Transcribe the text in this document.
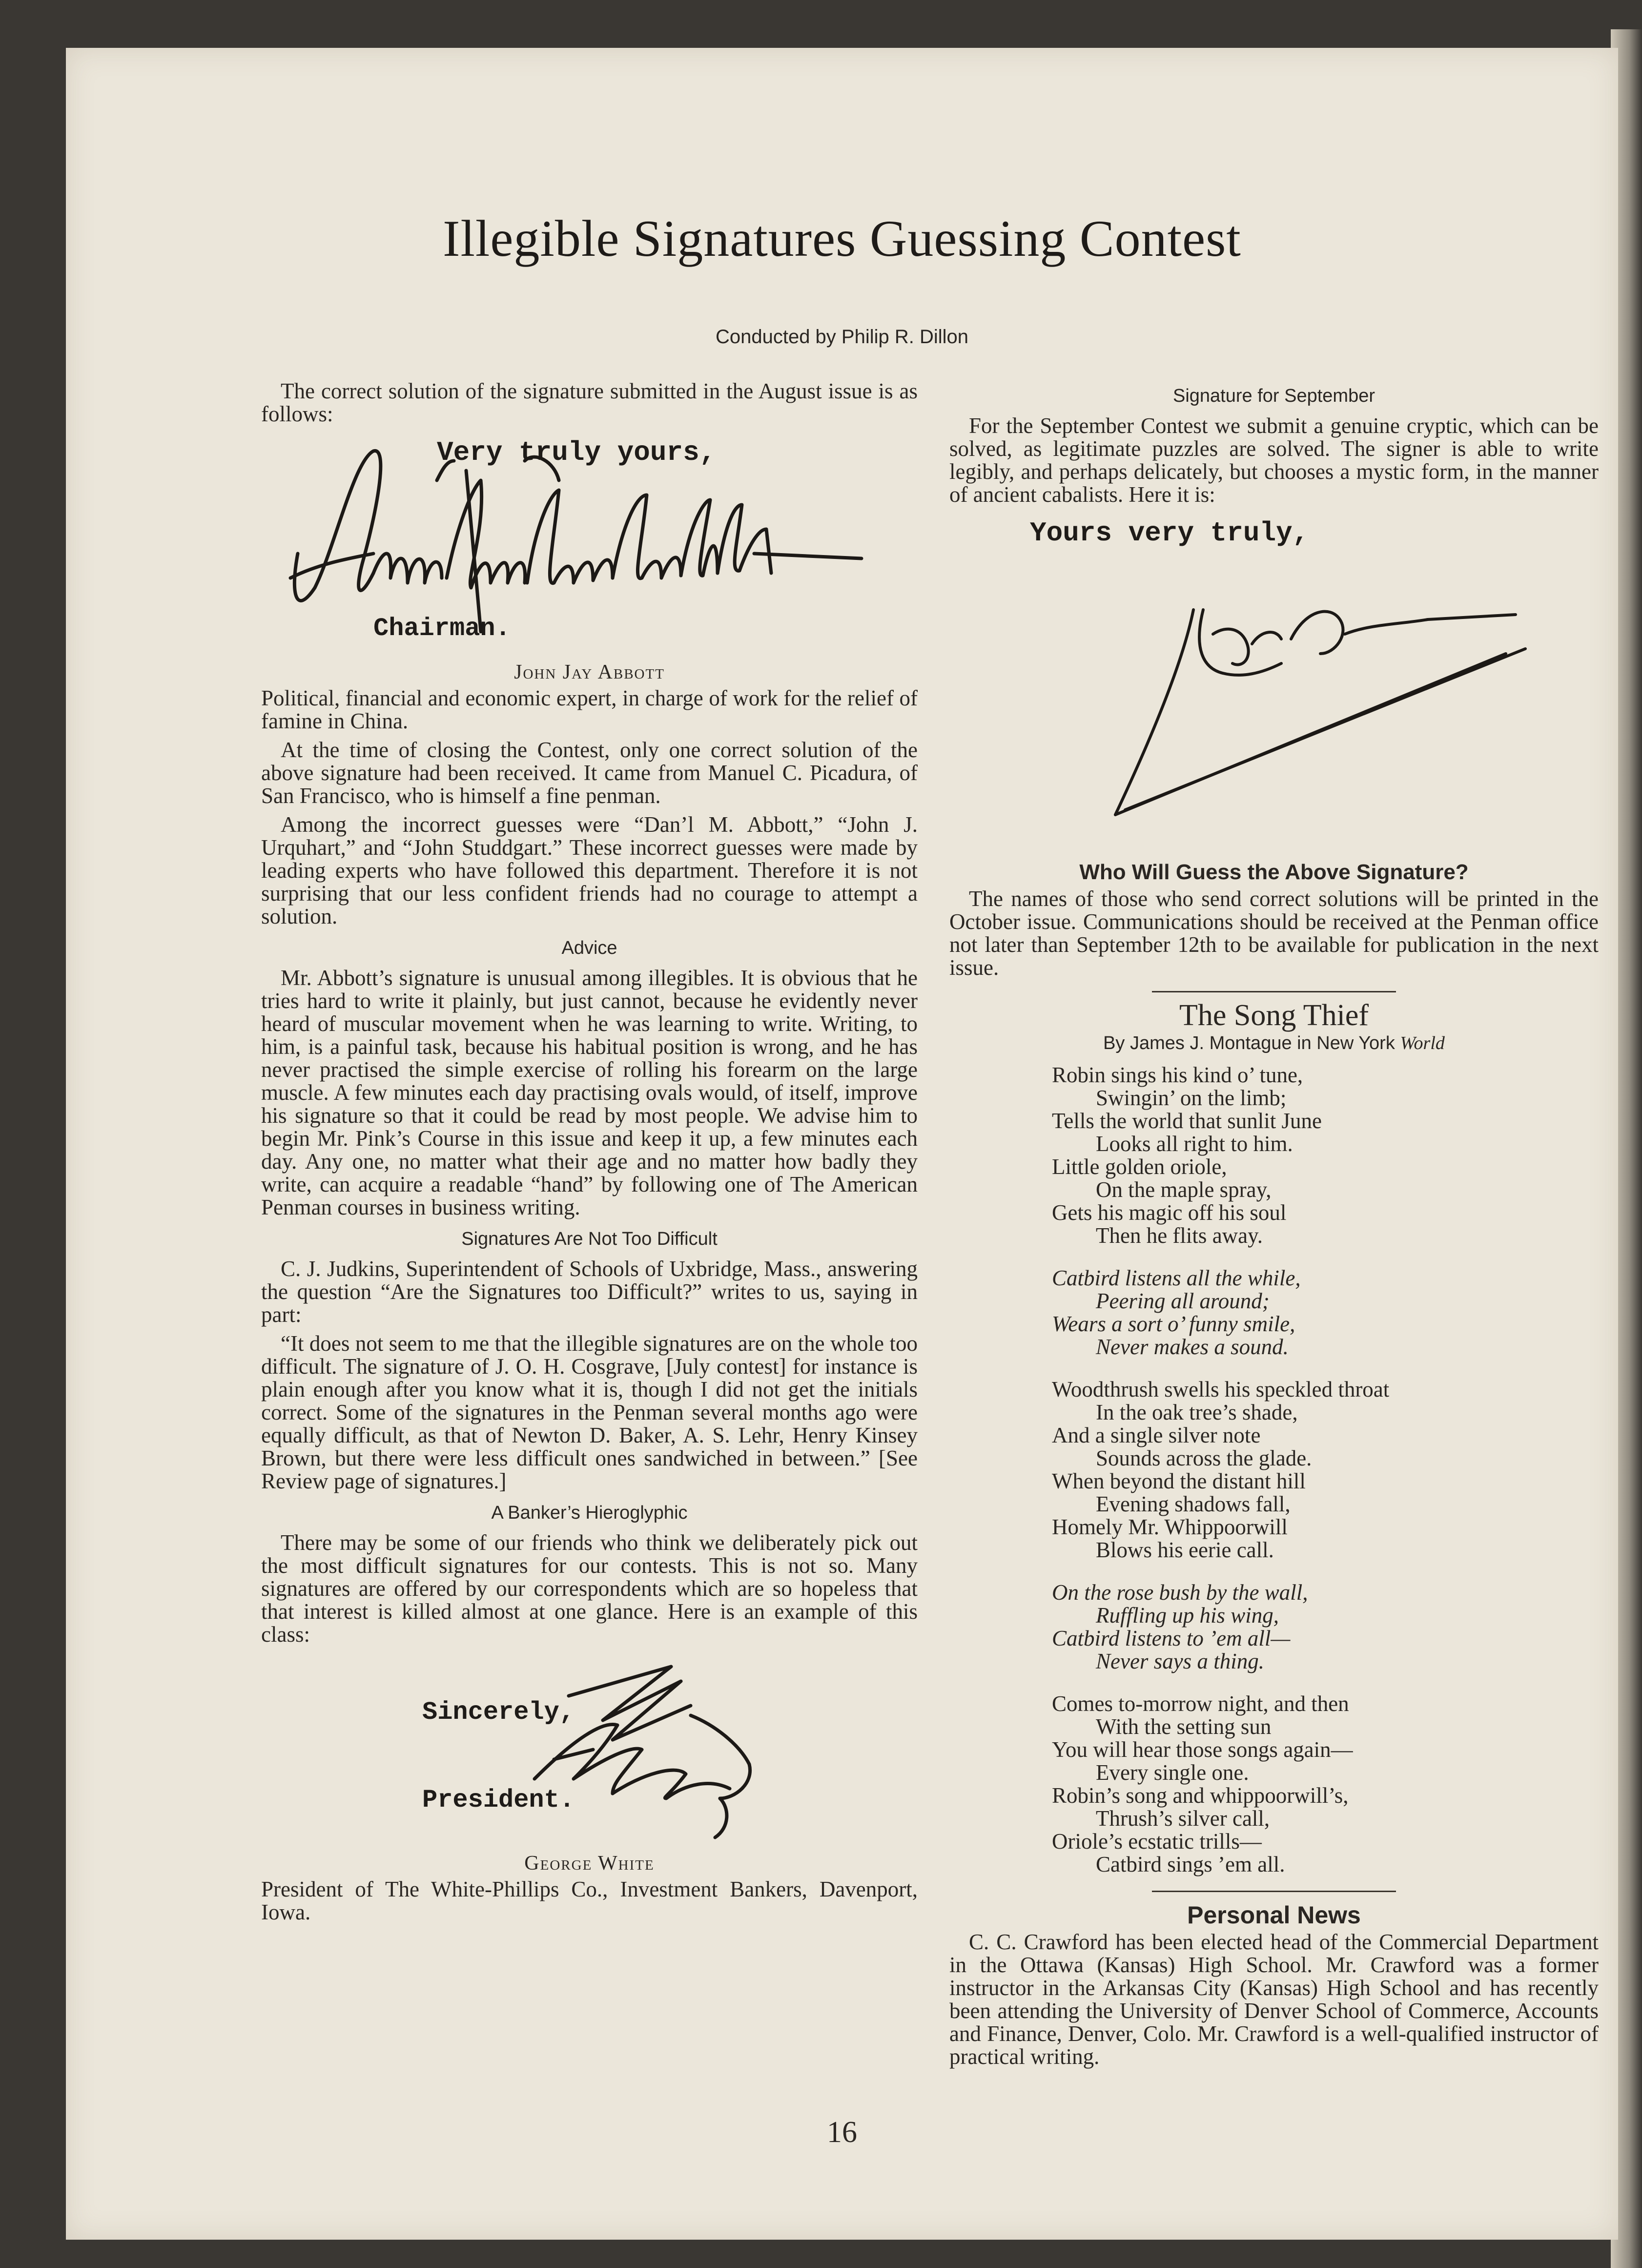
Illegible Signatures Guessing Contest
Conducted by Philip R. Dillon

The correct solution of the signature submitted in the August issue is as follows:

Very truly yours,
Chairman.
John Jay Abbott

Political, financial and economic expert, in charge of work for the relief of famine in China.

At the time of closing the Contest, only one correct solution of the above signature had been received. It came from Manuel C. Picadura, of San Francisco, who is himself a fine penman.

Among the incorrect guesses were “Dan’l M. Abbott,” “John J. Urquhart,” and “John Studdgart.” These incorrect guesses were made by leading experts who have followed this department. Therefore it is not surprising that our less confident friends had no courage to attempt a solution.

Advice

Mr. Abbott’s signature is unusual among illegibles. It is obvious that he tries hard to write it plainly, but just cannot, because he evidently never heard of muscular movement when he was learning to write. Writing, to him, is a painful task, because his habitual position is wrong, and he has never practised the simple exercise of rolling his forearm on the large muscle. A few minutes each day practising ovals would, of itself, improve his signature so that it could be read by most people. We advise him to begin Mr. Pink’s Course in this issue and keep it up, a few minutes each day. Any one, no matter what their age and no matter how badly they write, can acquire a readable “hand” by following one of The American Penman courses in business writing.

Signatures Are Not Too Difficult

C. J. Judkins, Superintendent of Schools of Uxbridge, Mass., answering the question “Are the Signatures too Difficult?” writes to us, saying in part:

“It does not seem to me that the illegible signatures are on the whole too difficult. The signature of J. O. H. Cosgrave, [July contest] for instance is plain enough after you know what it is, though I did not get the initials correct. Some of the signatures in the Penman several months ago were equally difficult, as that of Newton D. Baker, A. S. Lehr, Henry Kinsey Brown, but there were less difficult ones sandwiched in between.” [See Review page of signatures.]

A Banker’s Hieroglyphic

There may be some of our friends who think we deliberately pick out the most difficult signatures for our contests. This is not so. Many signatures are offered by our correspondents which are so hopeless that that interest is killed almost at one glance. Here is an example of this class:

Sincerely,
President.
George White

President of The White-Phillips Co., Investment Bankers, Davenport, Iowa.

Signature for September

For the September Contest we submit a genuine cryptic, which can be solved, as legitimate puzzles are solved. The signer is able to write legibly, and perhaps delicately, but chooses a mystic form, in the manner of ancient cabalists. Here it is:

Yours very truly,
Who Will Guess the Above Signature?

The names of those who send correct solutions will be printed in the October issue. Communications should be received at the Penman office not later than September 12th to be available for publication in the next issue.

The Song Thief
By James J. Montague in New York World
Robin sings his kind o’ tune,
Swingin’ on the limb;
Tells the world that sunlit June
Looks all right to him.
Little golden oriole,
On the maple spray,
Gets his magic off his soul
Then he flits away.
Catbird listens all the while,
Peering all around;
Wears a sort o’ funny smile,
Never makes a sound.
Woodthrush swells his speckled throat
In the oak tree’s shade,
And a single silver note
Sounds across the glade.
When beyond the distant hill
Evening shadows fall,
Homely Mr. Whippoorwill
Blows his eerie call.
On the rose bush by the wall,
Ruffling up his wing,
Catbird listens to ’em all—
Never says a thing.
Comes to-morrow night, and then
With the setting sun
You will hear those songs again—
Every single one.
Robin’s song and whippoorwill’s,
Thrush’s silver call,
Oriole’s ecstatic trills—
Catbird sings ’em all.
Personal News

C. C. Crawford has been elected head of the Commercial Department in the Ottawa (Kansas) High School. Mr. Crawford was a former instructor in the Arkansas City (Kansas) High School and has recently been attending the University of Denver School of Commerce, Accounts and Finance, Denver, Colo. Mr. Crawford is a well-qualified instructor of practical writing.

16
